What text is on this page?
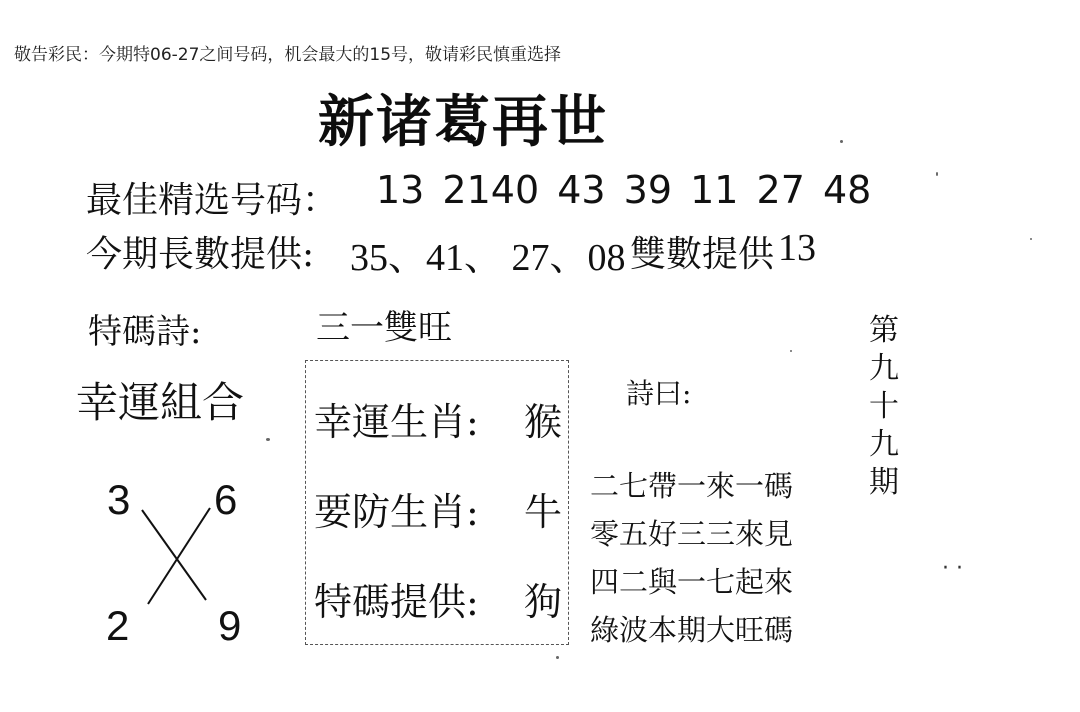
敬告彩民：今期特06-27之间号码，机会最大的15号，敬请彩民慎重选择
新诸葛再世
最佳精选号码： 13 2140 43 39 11 27 48
今期長數提供: 35、41、 27、08 雙數提供 13
特碼詩:	三一雙旺
幸運組合
3 6
2 9
幸運生肖: 猴
要防生肖: 牛
特碼提供: 狗
詩曰:
二七帶一來一碼
零五好三三來見
四二與一七起來
綠波本期大旺碼
第九十九期
· ·
